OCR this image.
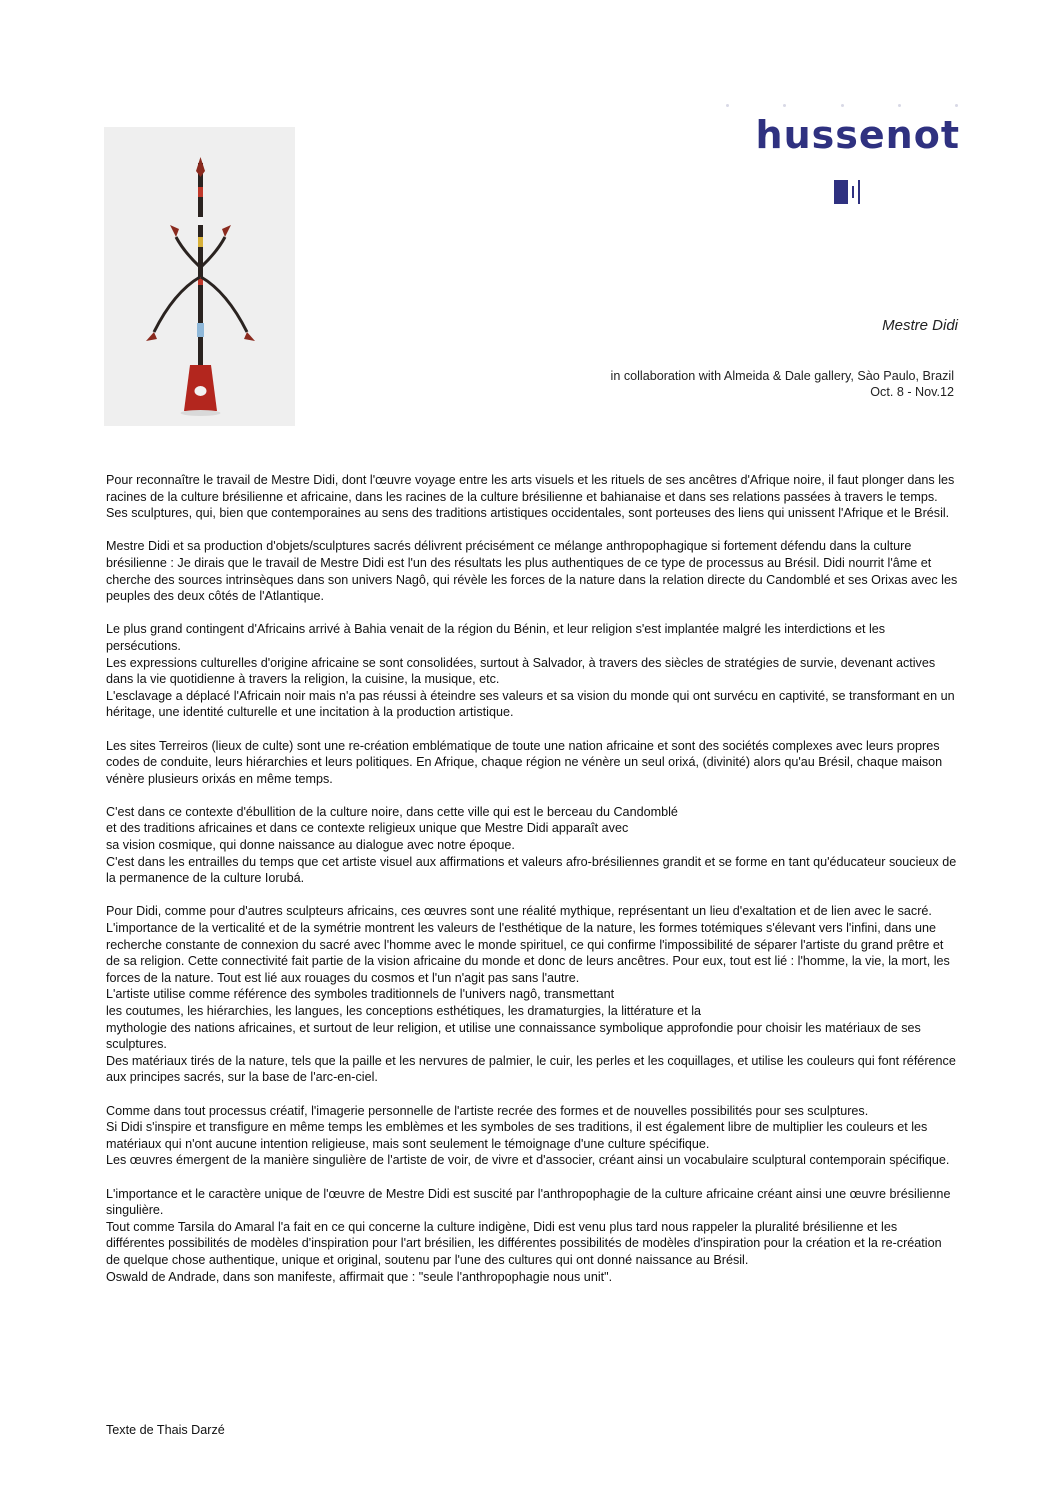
hussenot
Mestre Didi
in collaboration with Almeida & Dale gallery, Sào Paulo, Brazil
Oct. 8 - Nov.12

Pour reconnaître le travail de Mestre Didi, dont l'œuvre voyage entre les arts visuels et les rituels de ses ancêtres d'Afrique noire, il faut plonger dans les racines de la culture brésilienne et africaine, dans les racines de la culture brésilienne et bahianaise et dans ses relations passées à travers le temps.
Ses sculptures, qui, bien que contemporaines au sens des traditions artistiques occidentales, sont porteuses des liens qui unissent l'Afrique et le Brésil.

Mestre Didi et sa production d'objets/sculptures sacrés délivrent précisément ce mélange anthropophagique si fortement défendu dans la culture brésilienne : Je dirais que le travail de Mestre Didi est l'un des résultats les plus authentiques de ce type de processus au Brésil. Didi nourrit l'âme et cherche des sources intrinsèques dans son univers Nagô, qui révèle les forces de la nature dans la relation directe du Candomblé et ses Orixas avec les peuples des deux côtés de l'Atlantique.

Le plus grand contingent d'Africains arrivé à Bahia venait de la région du Bénin, et leur religion s'est implantée malgré les interdictions et les persécutions.
Les expressions culturelles d'origine africaine se sont consolidées, surtout à Salvador, à travers des siècles de stratégies de survie, devenant actives dans la vie quotidienne à travers la religion, la cuisine, la musique, etc.
L'esclavage a déplacé l'Africain noir mais n'a pas réussi à éteindre ses valeurs et sa vision du monde qui ont survécu en captivité, se transformant en un héritage, une identité culturelle et une incitation à la production artistique.

Les sites Terreiros (lieux de culte) sont une re-création emblématique de toute une nation africaine et sont des sociétés complexes avec leurs propres codes de conduite, leurs hiérarchies et leurs politiques. En Afrique, chaque région ne vénère un seul orixá, (divinité) alors qu'au Brésil, chaque maison vénère plusieurs orixás en même temps.

C'est dans ce contexte d'ébullition de la culture noire, dans cette ville qui est le berceau du Candomblé
et des traditions africaines et dans ce contexte religieux unique que Mestre Didi apparaît avec
sa vision cosmique, qui donne naissance au dialogue avec notre époque.
C'est dans les entrailles du temps que cet artiste visuel aux affirmations et valeurs afro-brésiliennes grandit et se forme en tant qu'éducateur soucieux de la permanence de la culture Iorubá.

Pour Didi, comme pour d'autres sculpteurs africains, ces œuvres sont une réalité mythique, représentant un lieu d'exaltation et de lien avec le sacré.
L'importance de la verticalité et de la symétrie montrent les valeurs de l'esthétique de la nature, les formes totémiques s'élevant vers l'infini, dans une recherche constante de connexion du sacré avec l'homme avec le monde spirituel, ce qui confirme l'impossibilité de séparer l'artiste du grand prêtre et de sa religion. Cette connectivité fait partie de la vision africaine du monde et donc de leurs ancêtres. Pour eux, tout est lié : l'homme, la vie, la mort, les forces de la nature. Tout est lié aux rouages du cosmos et l'un n'agit pas sans l'autre.
L'artiste utilise comme référence des symboles traditionnels de l'univers nagô, transmettant
les coutumes, les hiérarchies, les langues, les conceptions esthétiques, les dramaturgies, la littérature et la
mythologie des nations africaines, et surtout de leur religion, et utilise une connaissance symbolique approfondie pour choisir les matériaux de ses sculptures.
Des matériaux tirés de la nature, tels que la paille et les nervures de palmier, le cuir, les perles et les coquillages, et utilise les couleurs qui font référence aux principes sacrés, sur la base de l'arc-en-ciel.

Comme dans tout processus créatif, l'imagerie personnelle de l'artiste recrée des formes et de nouvelles possibilités pour ses sculptures.
Si Didi s'inspire et transfigure en même temps les emblèmes et les symboles de ses traditions, il est également libre de multiplier les couleurs et les matériaux qui n'ont aucune intention religieuse, mais sont seulement le témoignage d'une culture spécifique.
Les œuvres émergent de la manière singulière de l'artiste de voir, de vivre et d'associer, créant ainsi un vocabulaire sculptural contemporain spécifique.

L'importance et le caractère unique de l'œuvre de Mestre Didi est suscité par l'anthropophagie de la culture africaine créant ainsi une œuvre brésilienne singulière.
Tout comme Tarsila do Amaral l'a fait en ce qui concerne la culture indigène, Didi est venu plus tard nous rappeler la pluralité brésilienne et les différentes possibilités de modèles d'inspiration pour l'art brésilien, les différentes possibilités de modèles d'inspiration pour la création et la re-création de quelque chose authentique, unique et original, soutenu par l'une des cultures qui ont donné naissance au Brésil.
Oswald de Andrade, dans son manifeste, affirmait que : "seule l'anthropophagie nous unit".

Texte de Thais Darzé
